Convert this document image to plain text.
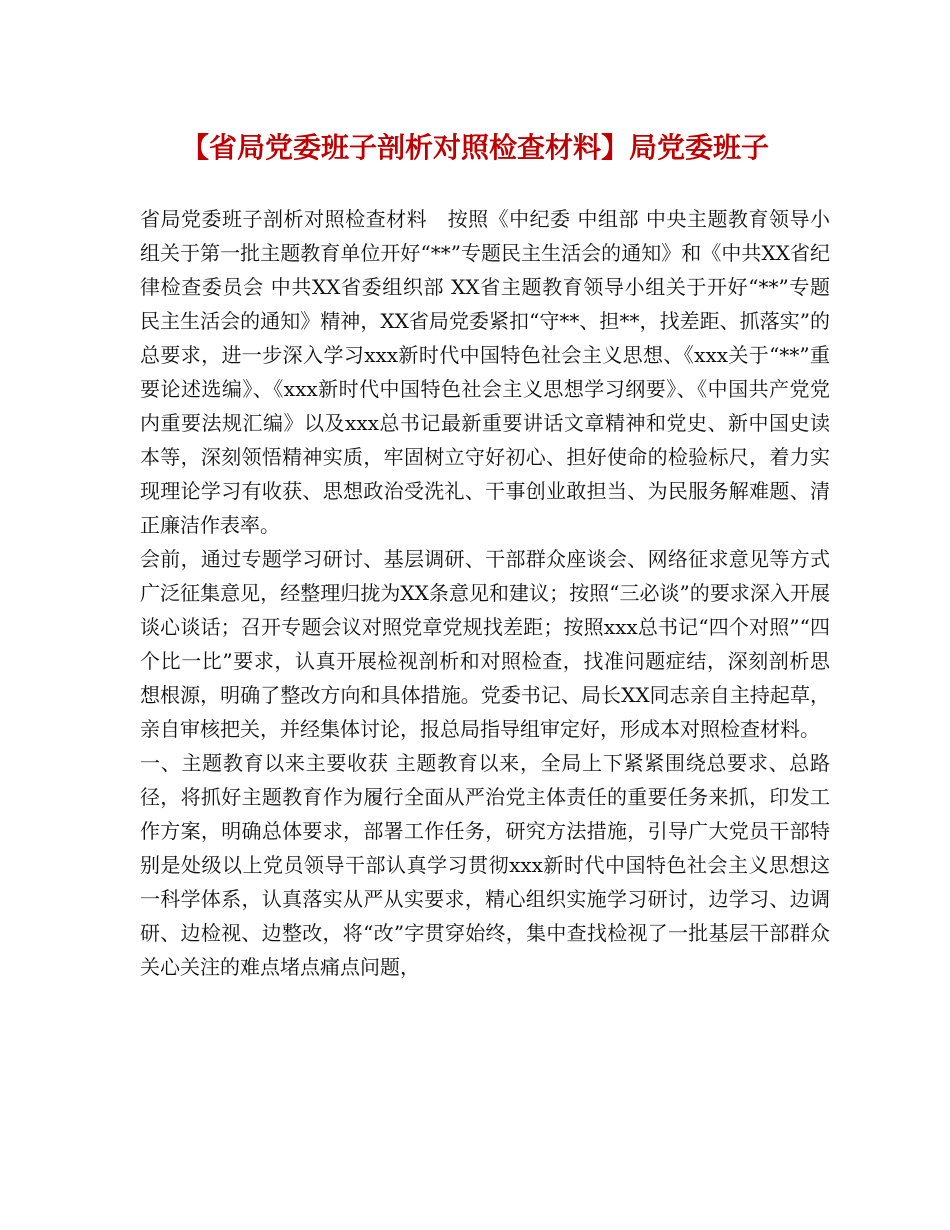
【省局党委班子剖析对照检查材料】局党委班子

省局党委班子剖析对照检查材料　按照《中纪委 中组部 中央主题教育领导小组关于第一批主题教育单位开好“**”专题民主生活会的通知》和《中共XX省纪律检查委员会 中共XX省委组织部 XX省主题教育领导小组关于开好“**”专题民主生活会的通知》精神，XX省局党委紧扣“守**、担**，找差距、抓落实”的总要求，进一步深入学习xxx新时代中国特色社会主义思想、《xxx关于“**”重要论述选编》、《xxx新时代中国特色社会主义思想学习纲要》、《中国共产党党内重要法规汇编》以及xxx总书记最新重要讲话文章精神和党史、新中国史读本等，深刻领悟精神实质，牢固树立守好初心、担好使命的检验标尺，着力实现理论学习有收获、思想政治受洗礼、干事创业敢担当、为民服务解难题、清正廉洁作表率。

会前，通过专题学习研讨、基层调研、干部群众座谈会、网络征求意见等方式广泛征集意见，经整理归拢为XX条意见和建议；按照“三必谈”的要求深入开展谈心谈话；召开专题会议对照党章党规找差距；按照xxx总书记“四个对照”“四个比一比”要求，认真开展检视剖析和对照检查，找准问题症结，深刻剖析思想根源，明确了整改方向和具体措施。党委书记、局长XX同志亲自主持起草，亲自审核把关，并经集体讨论，报总局指导组审定好，形成本对照检查材料。

一、主题教育以来主要收获 主题教育以来，全局上下紧紧围绕总要求、总路径，将抓好主题教育作为履行全面从严治党主体责任的重要任务来抓，印发工作方案，明确总体要求，部署工作任务，研究方法措施，引导广大党员干部特别是处级以上党员领导干部认真学习贯彻xxx新时代中国特色社会主义思想这一科学体系，认真落实从严从实要求，精心组织实施学习研讨，边学习、边调研、边检视、边整改，将“改”字贯穿始终，集中查找检视了一批基层干部群众关心关注的难点堵点痛点问题，
